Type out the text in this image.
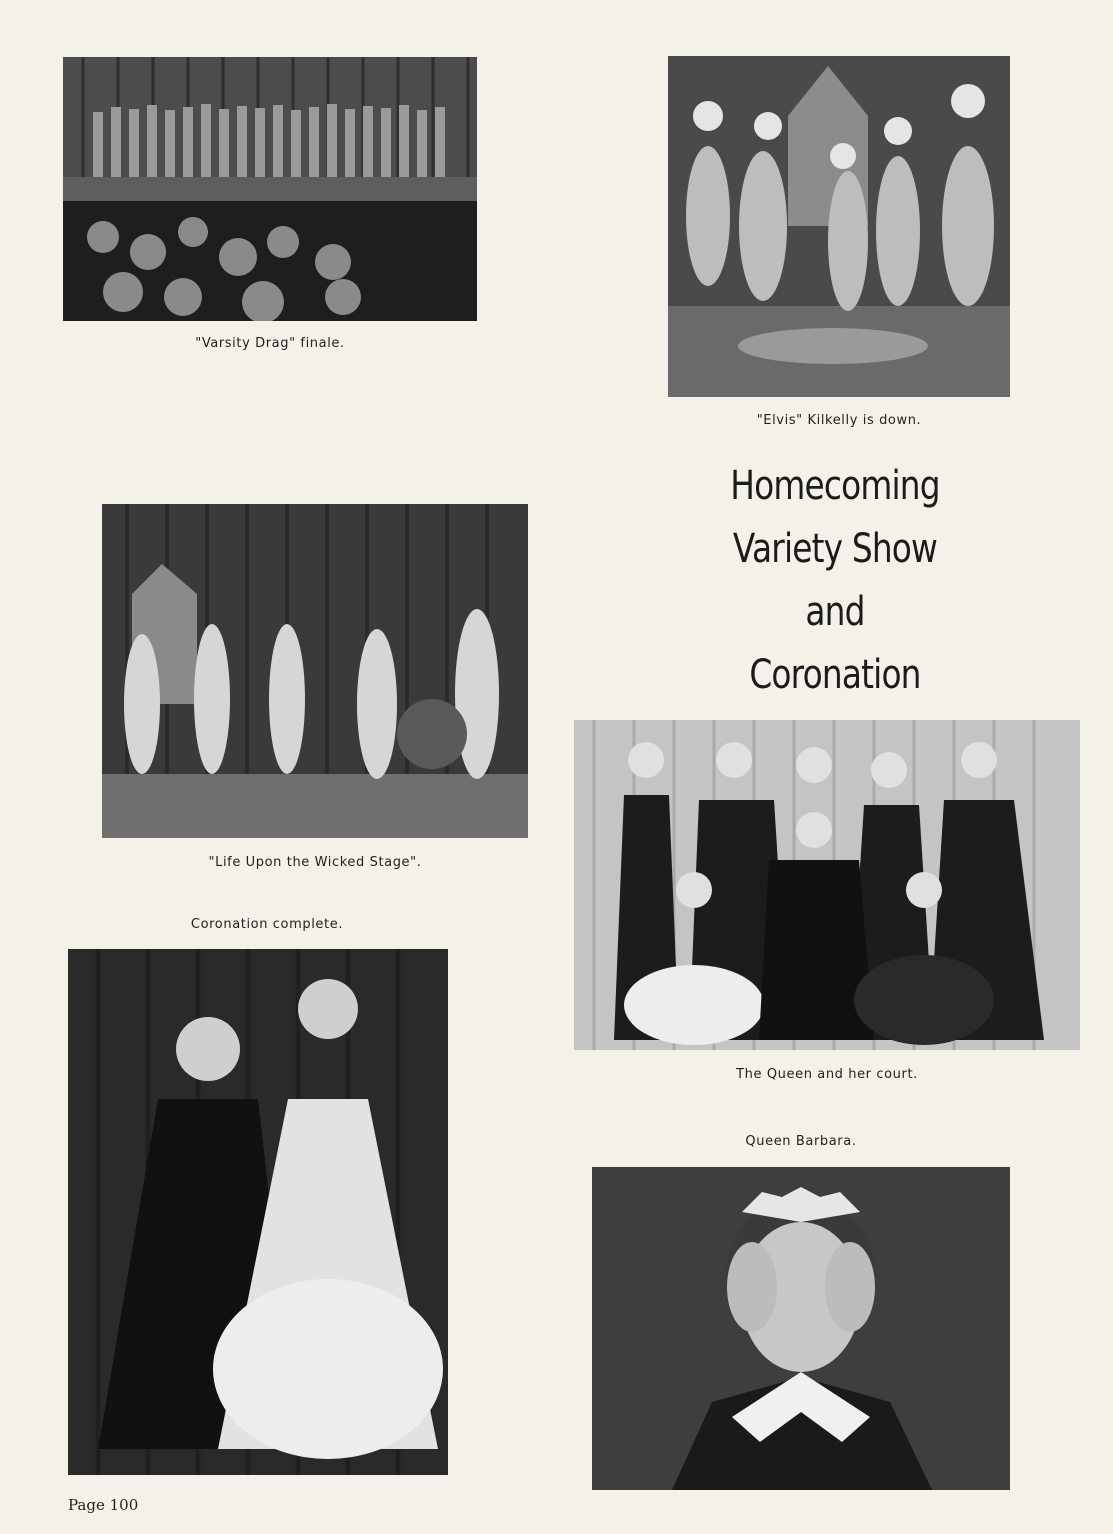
"Varsity Drag" finale.
"Elvis" Kilkelly is down.
Homecoming
Variety Show
and
Coronation
"Life Upon the Wicked Stage".
Coronation complete.
The Queen and her court.
Queen Barbara.
Page 100
